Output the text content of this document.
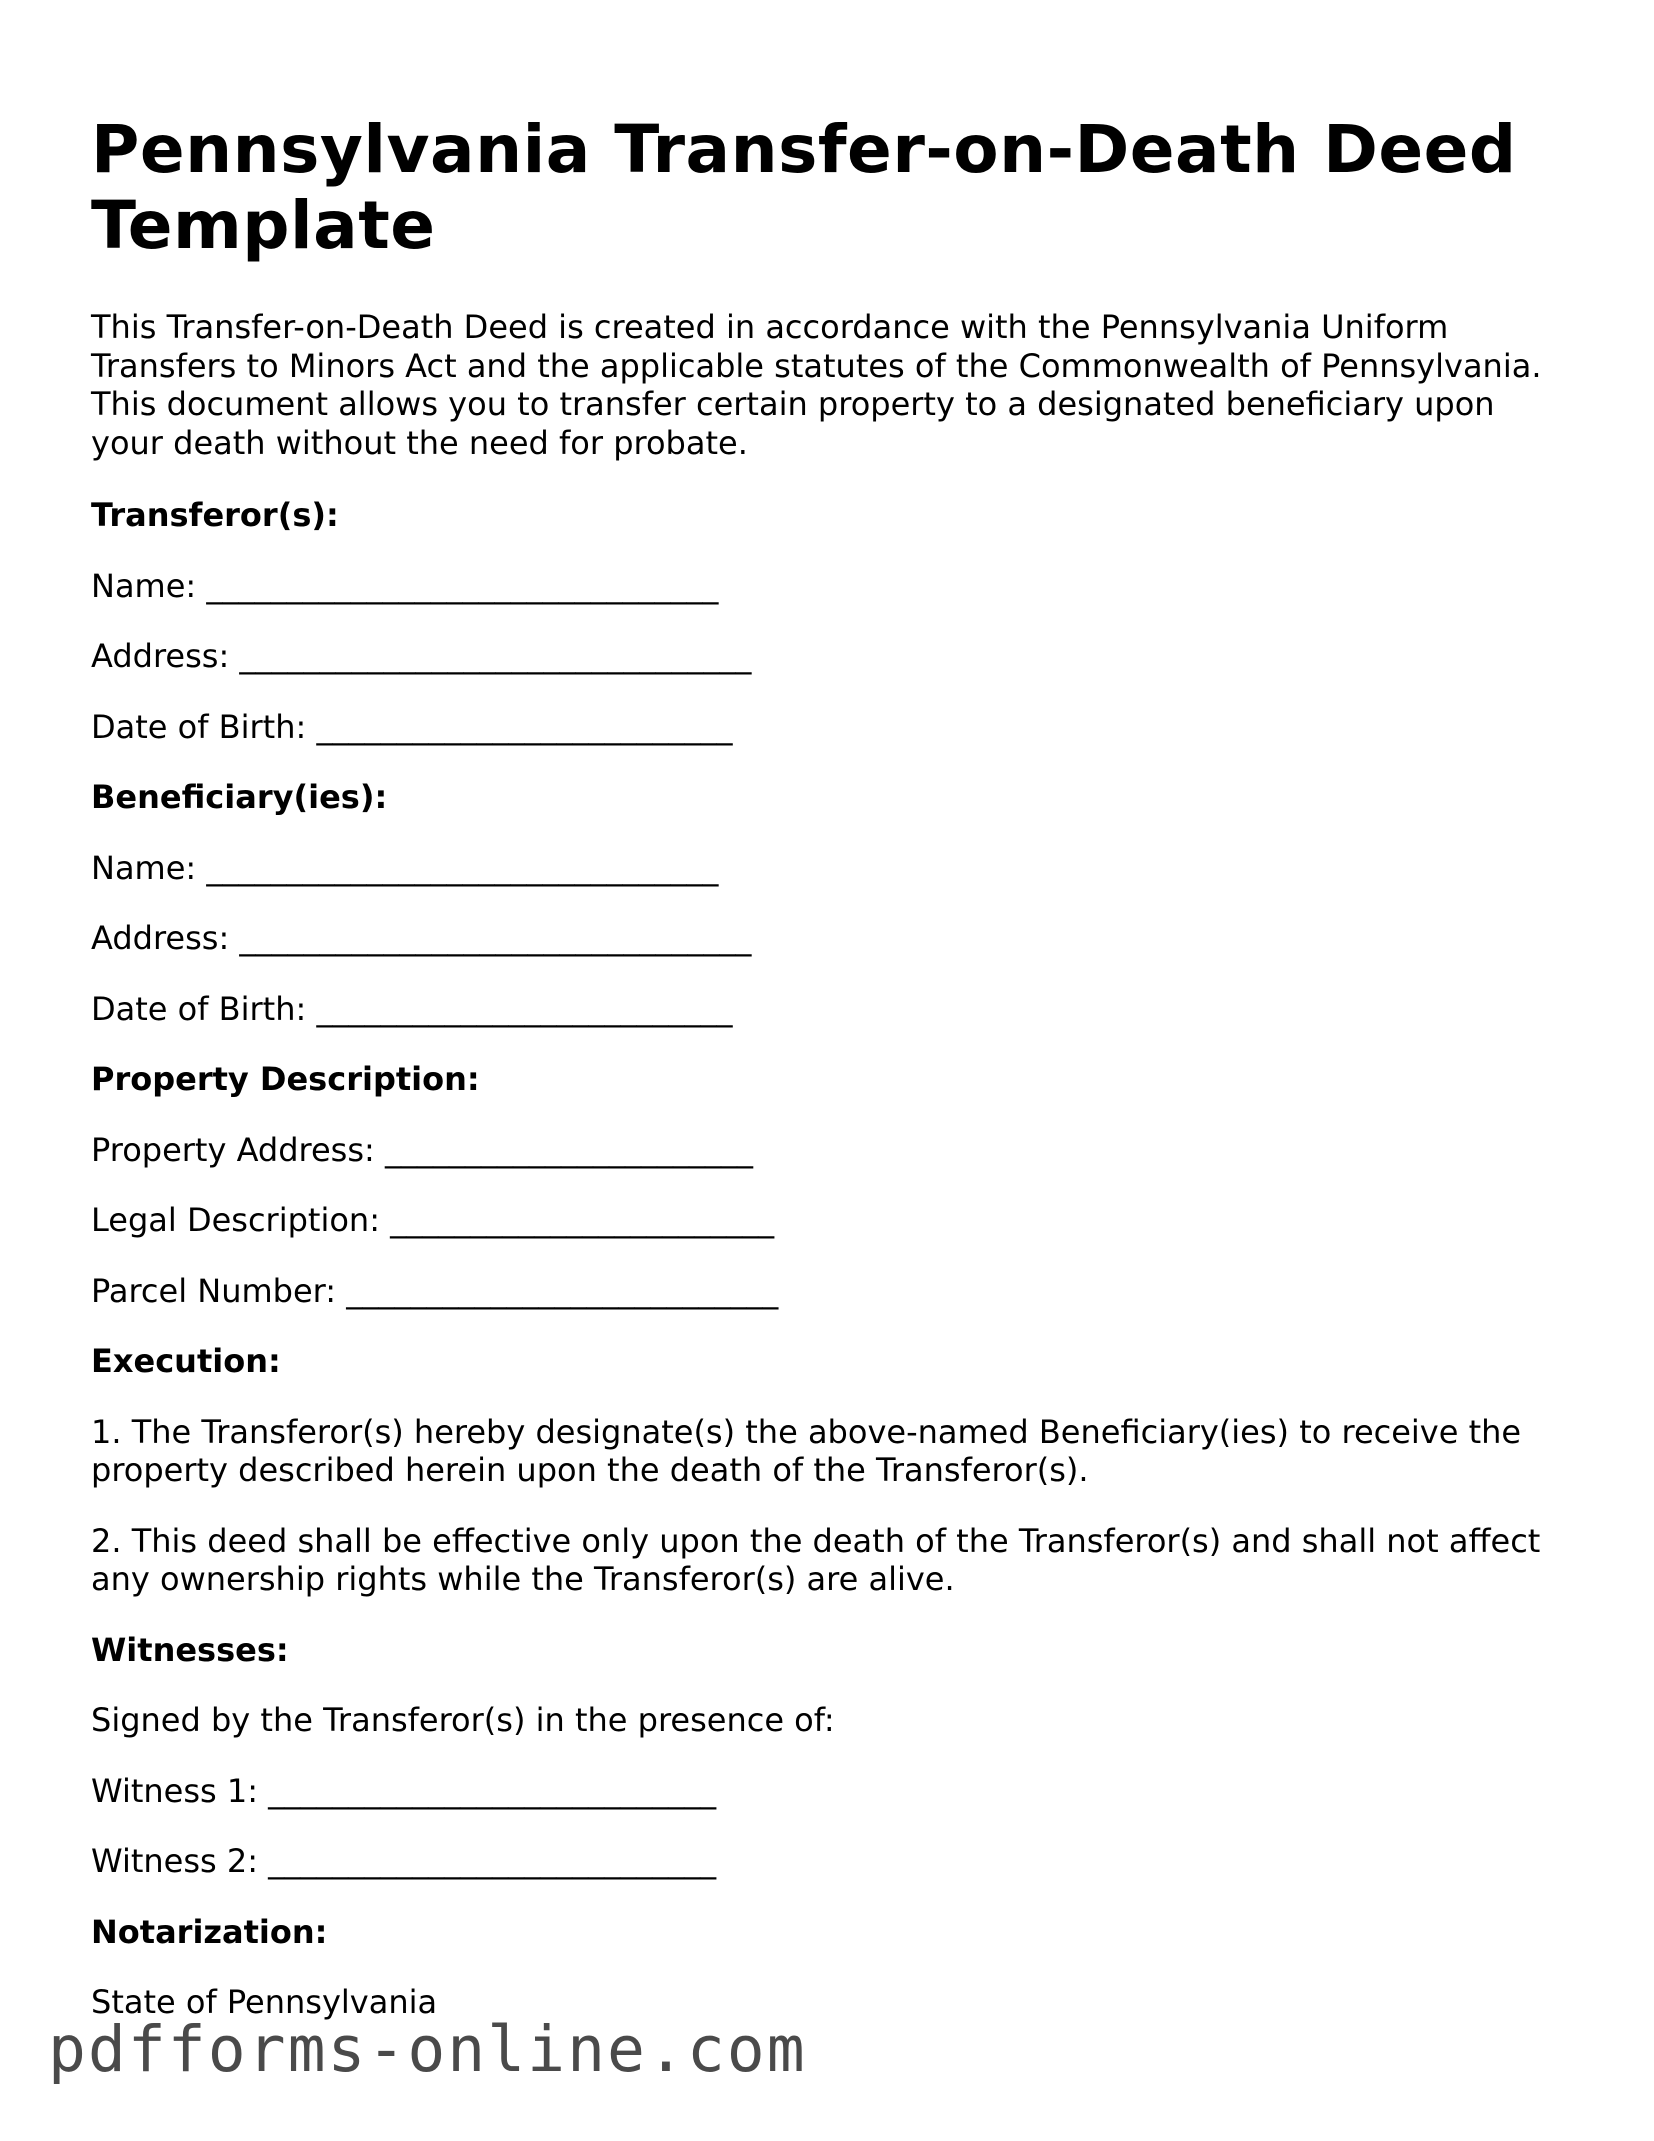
Pennsylvania Transfer-on-Death Deed Template

This Transfer-on-Death Deed is created in accordance with the Pennsylvania Uniform Transfers to Minors Act and the applicable statutes of the Commonwealth of Pennsylvania. This document allows you to transfer certain property to a designated beneficiary upon your death without the need for probate.

Transferor(s):

Name: ________________________________

Address: ________________________________

Date of Birth: __________________________

Beneficiary(ies):

Name: ________________________________

Address: ________________________________

Date of Birth: __________________________

Property Description:

Property Address: _______________________

Legal Description: ________________________

Parcel Number: ___________________________

Execution:

1. The Transferor(s) hereby designate(s) the above-named Beneficiary(ies) to receive the property described herein upon the death of the Transferor(s).

2. This deed shall be effective only upon the death of the Transferor(s) and shall not affect any ownership rights while the Transferor(s) are alive.

Witnesses:

Signed by the Transferor(s) in the presence of:

Witness 1: ____________________________

Witness 2: ____________________________

Notarization:

State of Pennsylvania

pdfforms-online.com
